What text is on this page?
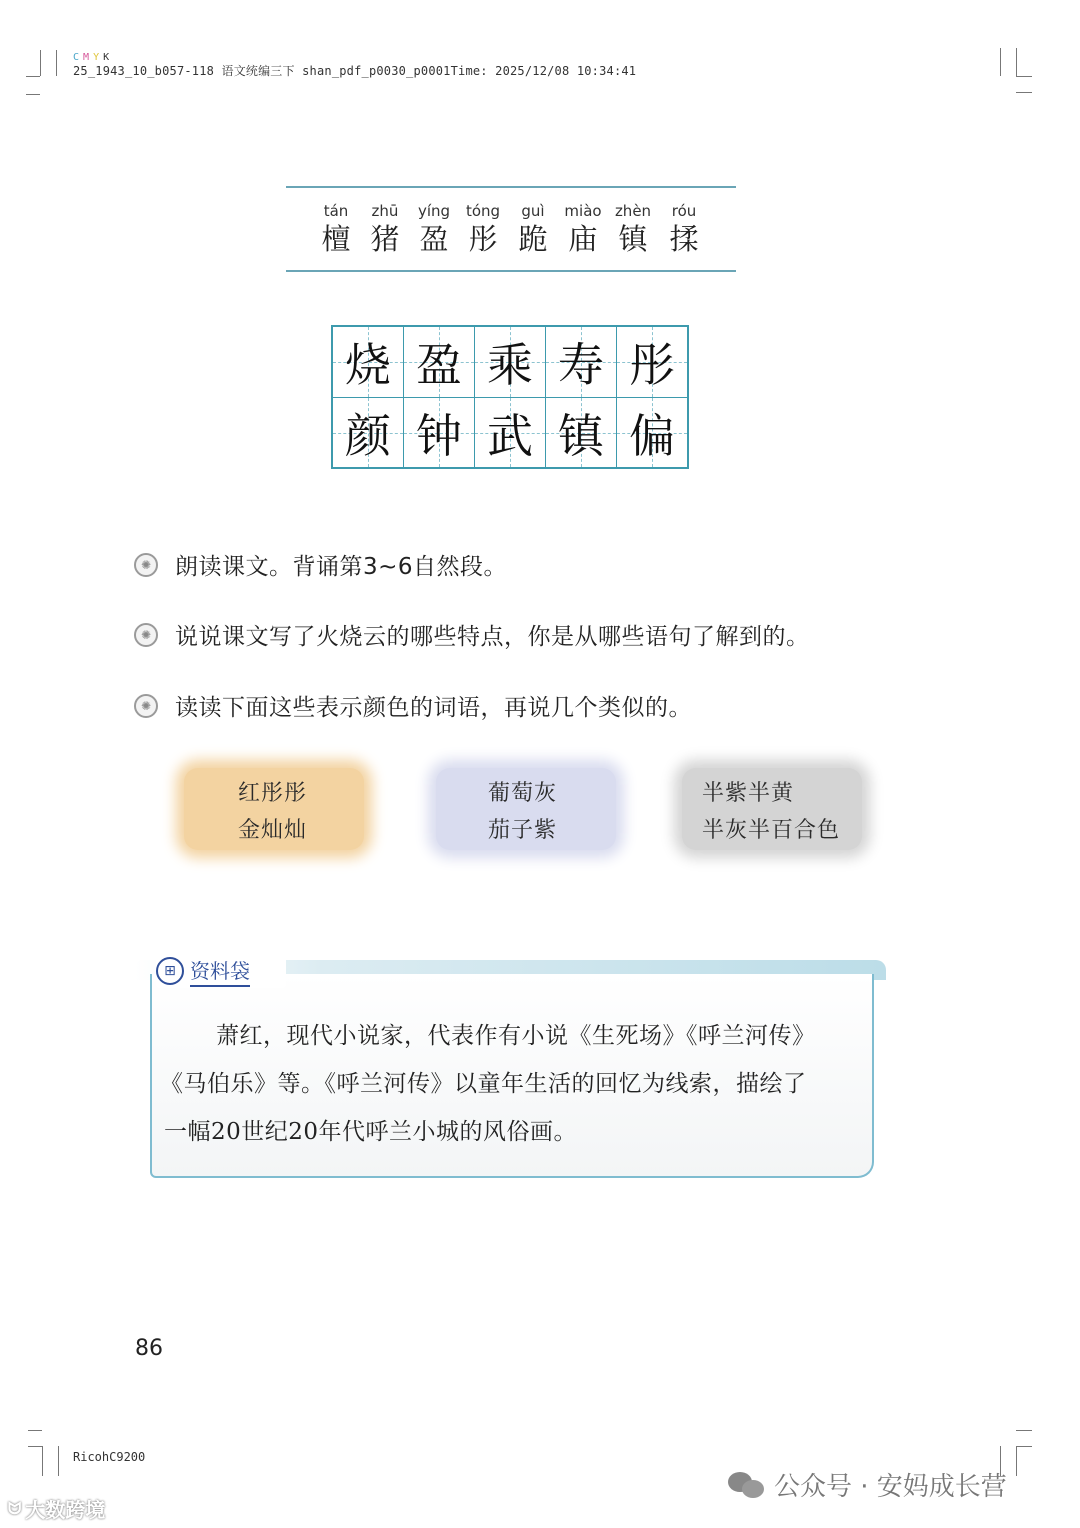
C M Y K
25_1943_10_b057-118 语文统编三下 shan_pdf_p0030_p0001Time: 2025/12/08 10:34:41
tán
檀
zhū
猪
yíng
盈
tóng
彤
guì
跪
miào
庙
zhèn
镇
róu
揉
烧 盈 乘 寿 彤
颜 钟 武 镇 偏
✺	朗读课文。背诵第3~6自然段。
✺	说说课文写了火烧云的哪些特点，你是从哪些语句了解到的。
✺	读读下面这些表示颜色的词语，再说几个类似的。
红彤彤
金灿灿
葡萄灰
茄子紫
半紫半黄
半灰半百合色
⊞ 资料袋

萧红，现代小说家，代表作有小说《生死场》《呼兰河传》

《马伯乐》等。《呼兰河传》以童年生活的回忆为线索，描绘了

一幅20世纪20年代呼兰小城的风俗画。

86
RicohC9200
公众号 · 安妈成长营
ᗢ 大数跨境
